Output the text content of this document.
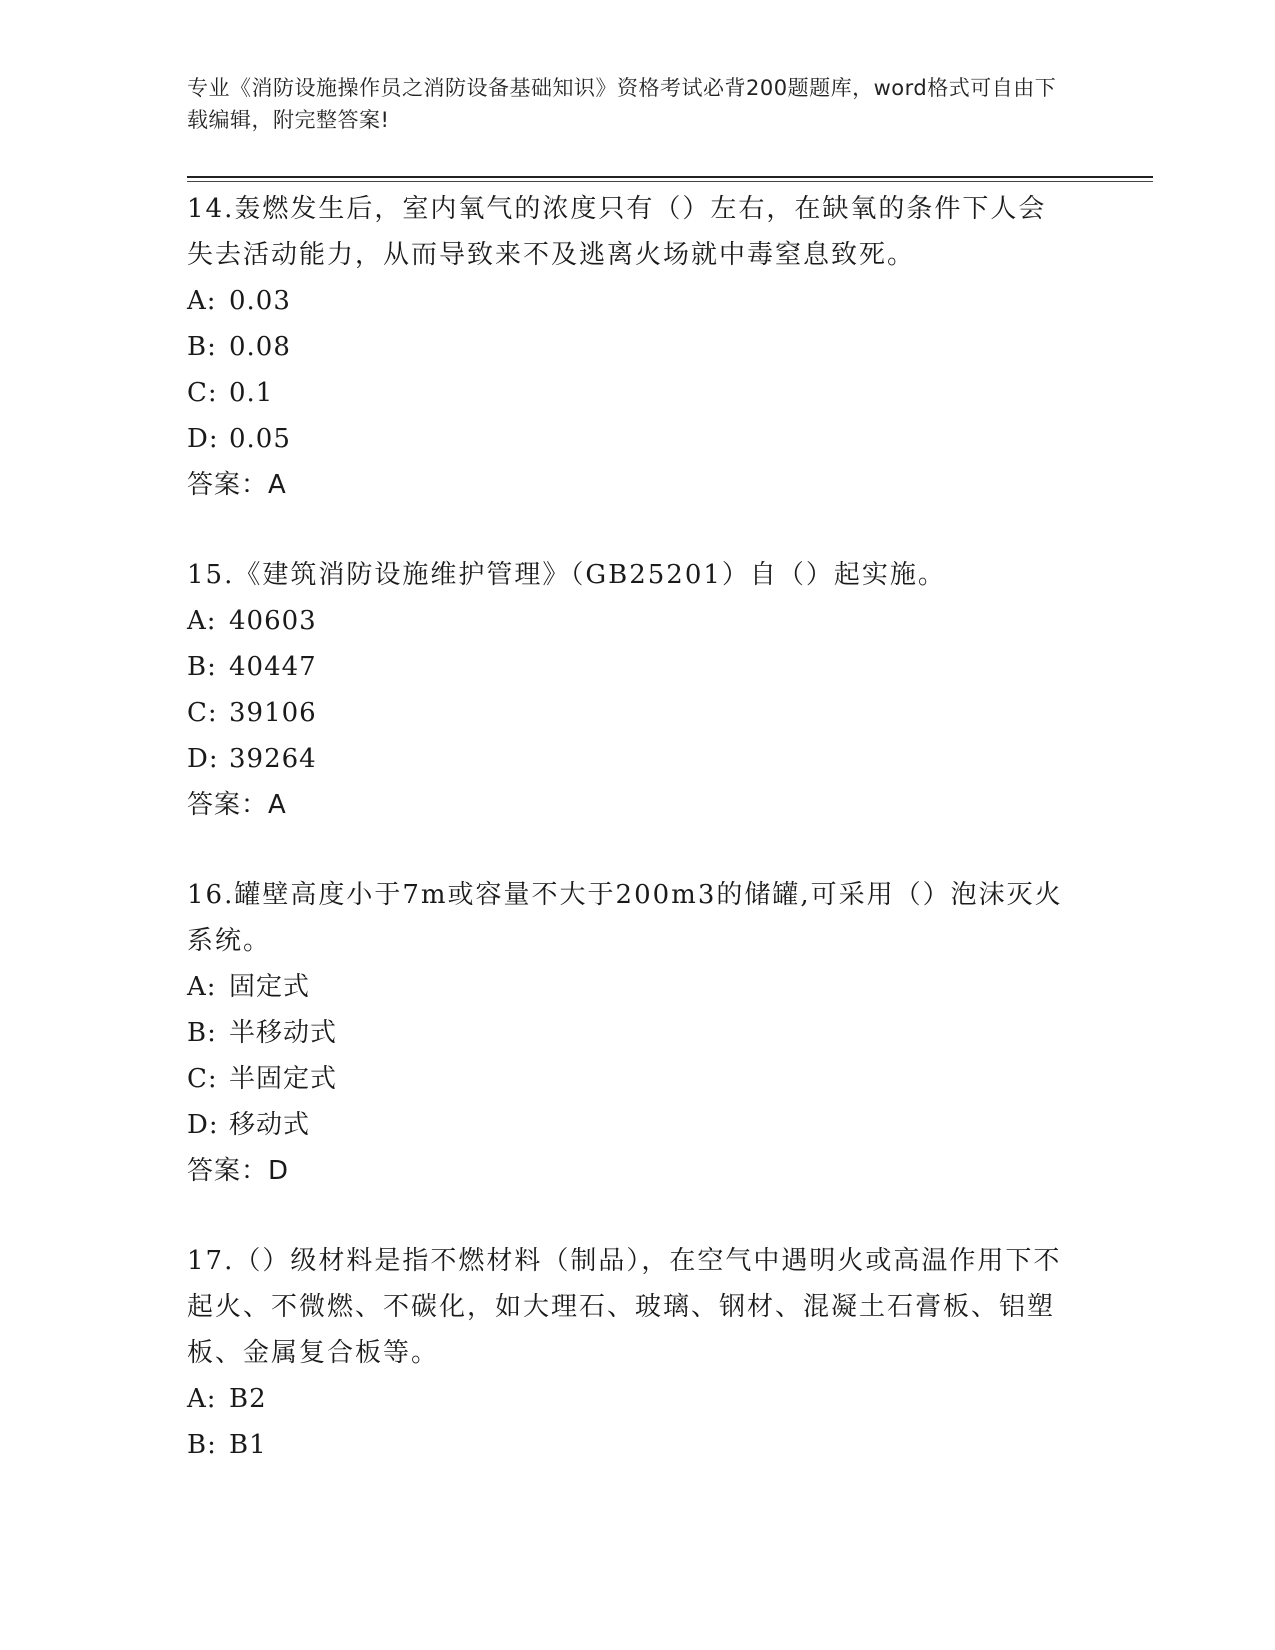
专业《消防设施操作员之消防设备基础知识》资格考试必背200题题库，word格式可自由下载编辑，附完整答案!
14.轰燃发生后，室内氧气的浓度只有（）左右，在缺氧的条件下人会失去活动能力，从而导致来不及逃离火场就中毒窒息致死。
A: 0.03
B: 0.08
C: 0.1
D: 0.05
答案：A
15.《建筑消防设施维护管理》（GB25201）自（）起实施。
A: 40603
B: 40447
C: 39106
D: 39264
答案：A
16.罐壁高度小于7m或容量不大于200m3的储罐,可采用（）泡沫灭火系统。
A: 固定式
B: 半移动式
C: 半固定式
D: 移动式
答案：D
17.（）级材料是指不燃材料（制品），在空气中遇明火或高温作用下不起火、不微燃、不碳化，如大理石、玻璃、钢材、混凝土石膏板、铝塑板、金属复合板等。
A: B2
B: B1
